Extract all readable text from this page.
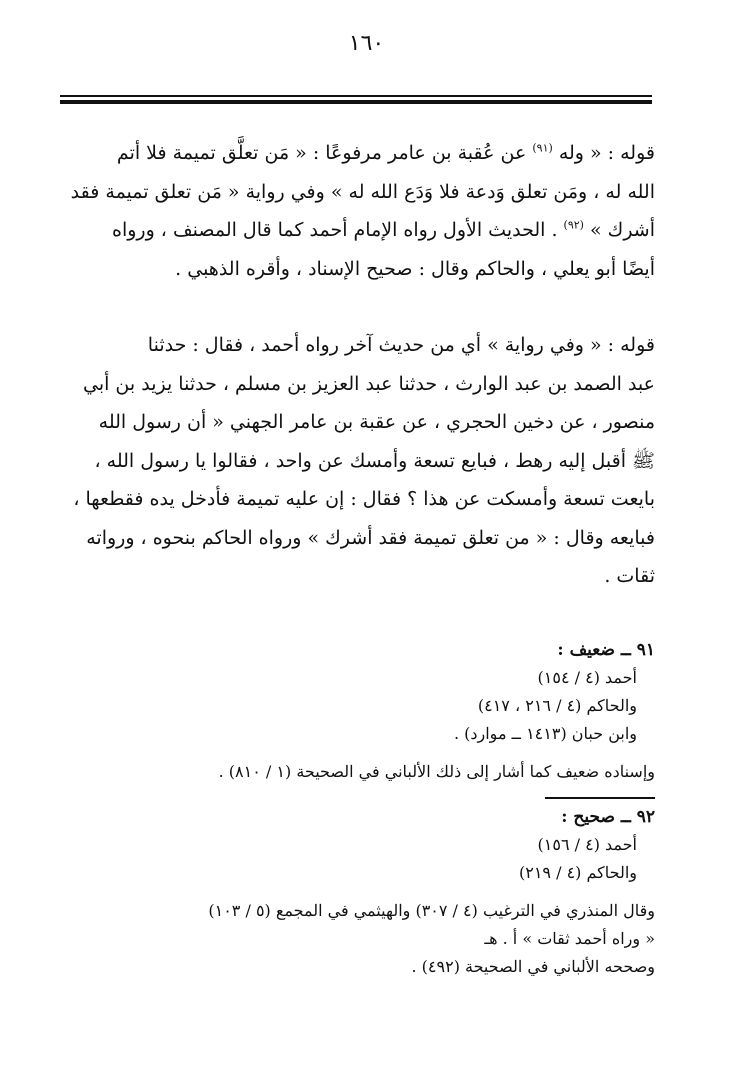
١٦٠
قوله : « وله $^{(٩١)}$ عن عُقبة بن عامر مرفوعًا : « مَن تعلَّق تميمة فلا أتم
الله له ، ومَن تعلق وَدعة فلا وَدَع الله له » وفي رواية « مَن تعلق تميمة فقد
أشرك » $^{(٩٢)}$ . الحديث الأول رواه الإمام أحمد كما قال المصنف ، ورواه
أيضًا أبو يعلي ، والحاكم وقال : صحيح الإسناد ، وأقره الذهبي .
قوله : « وفي رواية » أي من حديث آخر رواه أحمد ، فقال : حدثنا
عبد الصمد بن عبد الوارث ، حدثنا عبد العزيز بن مسلم ، حدثنا يزيد بن أبي
منصور ، عن دخين الحجري ، عن عقبة بن عامر الجهني « أن رسول الله
ﷺ أقبل إليه رهط ، فبايع تسعة وأمسك عن واحد ، فقالوا يا رسول الله ،
بايعت تسعة وأمسكت عن هذا ؟ فقال : إن عليه تميمة فأدخل يده فقطعها ،
فبايعه وقال : « من تعلق تميمة فقد أشرك » ورواه الحاكم بنحوه ، ورواته
ثقات .
٩١ ــ ضعيف :
أحمد (٤ / ١٥٤)
والحاكم (٤ / ٢١٦ ، ٤١٧)
وابن حبان (١٤١٣ ــ موارد) .
وإسناده ضعيف كما أشار إلى ذلك الألباني في الصحيحة (١ / ٨١٠) .
٩٢ ــ صحيح :
أحمد (٤ / ١٥٦)
والحاكم (٤ / ٢١٩)
وقال المنذري في الترغيب (٤ / ٣٠٧) والهيثمي في المجمع (٥ / ١٠٣)
« وراه أحمد ثقات » أ . هـ
وصححه الألباني في الصحيحة (٤٩٢) .
